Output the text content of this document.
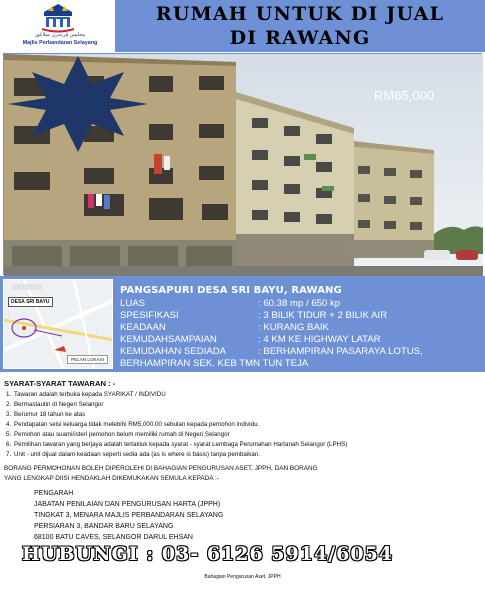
مجليس ڤربندرن سلاڠور
Majlis Perbandaran Selayang
RUMAH UNTUK DI JUAL
DI RAWANG
RM65,000
DESA SRI BAYU
PELAN LOKASI
PANGSAPURI DESA SRI BAYU, RAWANG
LUAS	: 60.38 mp / 650 kp
SPESIFIKASI	: 3 BILIK TIDUR + 2 BILIK AIR
KEADAAN	: KURANG BAIK
KEMUDAHSAMPAIAN	: 4 KM KE HIGHWAY LATAR
KEMUDAHAN SEDIADA	: BERHAMPIRAN PASARAYA LOTUS,
BERHAMPIRAN SEK. KEB TMN TUN TEJA
SYARAT-SYARAT TAWARAN : -
1. Tawaran adalah terbuka kepada SYARIKAT / INDIVIDU
2. Bermastautin di Negeri Selangor
3. Berumur 18 tahun ke atas
4. Pendapatan seisi keluarga tidak melebihi RM5,000.00 sebulan kepada pemohon individu.
5. Pemohon atau suami/isteri pemohon belum memiliki rumah di Negeri Selangor
6. Pemilihan tawaran yang berjaya adalah tertakluk kepada syarat - syarat Lembaga Perumahan Hartanah Selangor (LPHS)
7. Unit - unit dijual dalam keadaan seperti sedia ada (as is where is basis) tanpa pembaikan.
BORANG PERMOHONAN BOLEH DIPEROLEHI DI BAHAGIAN PENGURUSAN ASET, JPPH, DAN BORANG
YANG LENGKAP DIISI HENDAKLAH DIKEMUKAKAN SEMULA KEPADA :-
PENGARAH
JABATAN PENILAIAN DAN PENGURUSAN HARTA (JPPH)
TINGKAT 3, MENARA MAJLIS PERBANDARAN SELAYANG
PERSIARAN 3, BANDAR BARU SELAYANG
68100 BATU CAVES, SELANGOR DARUL EHSAN
HUBUNGI : 03- 6126 5914/6054
Bahagian Pengurusan Aset, JPPH
